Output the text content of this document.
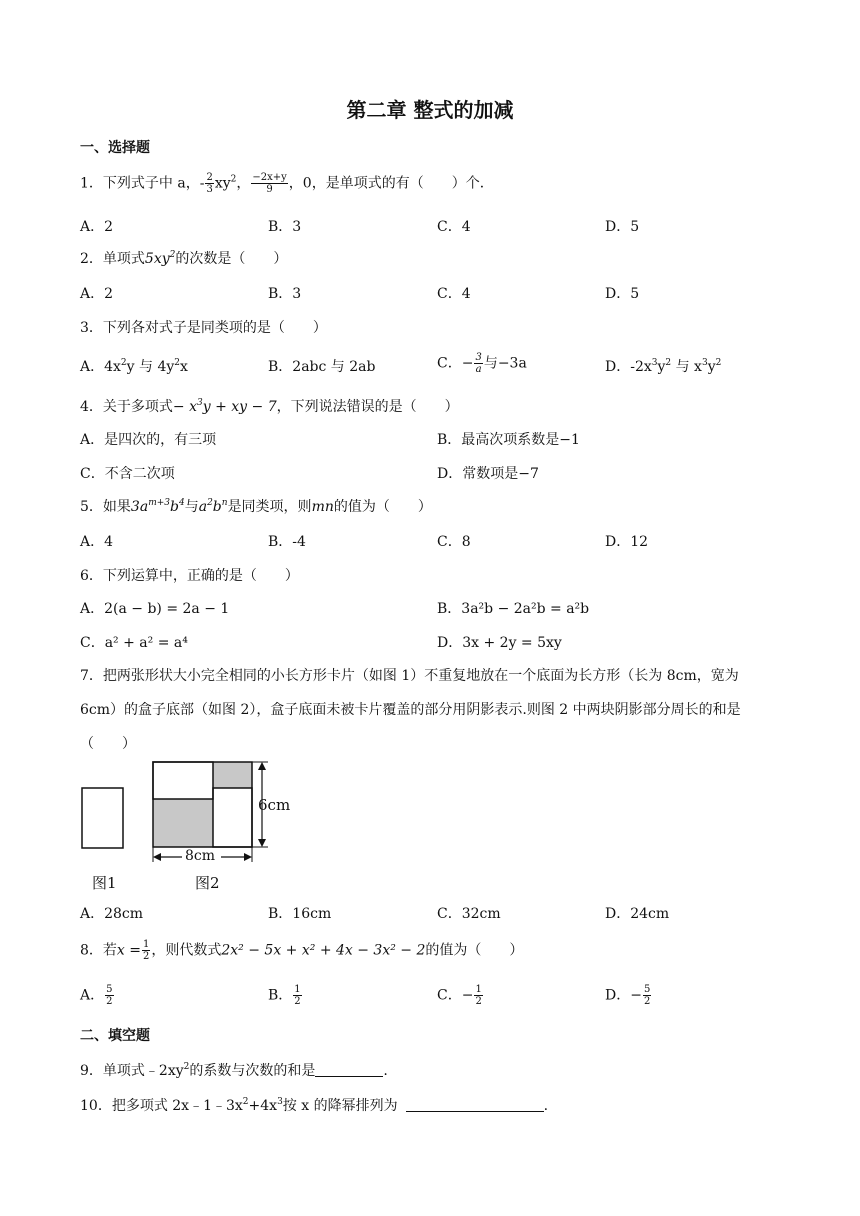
第二章 整式的加减
一、选择题
1．下列式子中 a，- $\frac{2}{3} xy^2$， $\frac{-2x+y}{9}$ ，0，是单项式的有（　　）个．
A．2	B．3	C．4	D．5
2．单项式$5xy^2$的次数是（　　）
A．2	B．3	C．4	D．5
3．下列各对式子是同类项的是（　　）
A．$4x^2y$ 与 $4y^2x$	B．2abc 与 2ab	C．− $\frac{3}{a}$ 与−3a	D．$-2x^3y^2$ 与 $x^3y^2$
4．关于多项式− $x^3y$ + xy − 7，下列说法错误的是（　　）
A．是四次的，有三项	B．最高次项系数是−1
C．不含二次项	D．常数项是−7
5．如果$3a^{m+3}b^4$与$a^2b^n$是同类项，则mn的值为（　　）
A．4	B．-4	C．8	D．12
6．下列运算中，正确的是（　　）
A．2(a − b) = 2a − 1	B．3a²b − 2a²b = a²b
C．a² + a² = a⁴	D．3x + 2y = 5xy
7．把两张形状大小完全相同的小长方形卡片（如图 1）不重复地放在一个底面为长方形（长为 8cm，宽为
6cm）的盒子底部（如图 2），盒子底面未被卡片覆盖的部分用阴影表示.则图 2 中两块阴影部分周长的和是
（　　）
图1
6cm
8cm
图2
A．28cm	B．16cm	C．32cm	D．24cm
8．若$x = \frac{1}{2}$ ，则代数式2x² − 5x + x² + 4x − 3x² − 2的值为（　　）
A． $\frac{5}{2}$	B． $\frac{1}{2}$	C．− $\frac{1}{2}$	D．− $\frac{5}{2}$
二、填空题
9．单项式$﹣2xy^2$的系数与次数的和是	.
10．把多项式 $2x﹣1﹣3x^2+4x^3$按 x 的降幂排列为	.
